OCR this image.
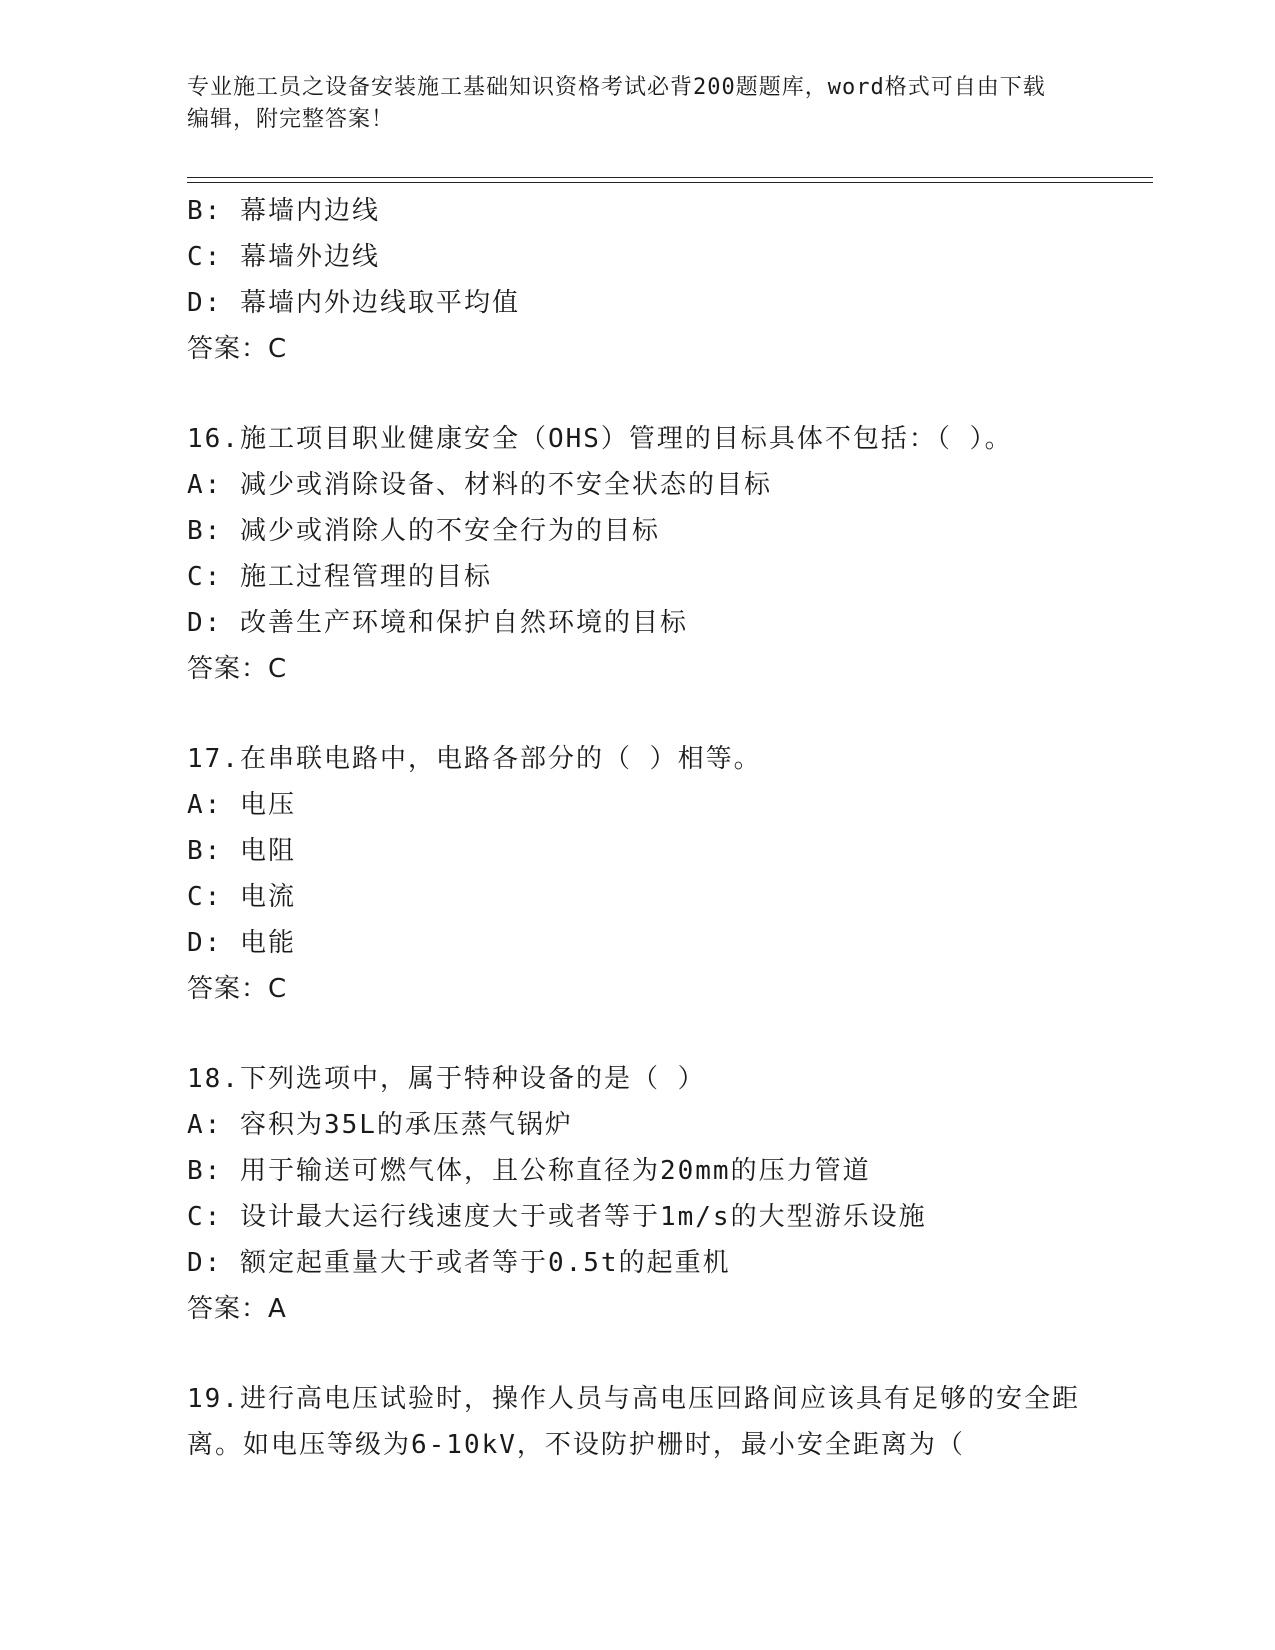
专业施工员之设备安装施工基础知识资格考试必背200题题库，word格式可自由下载编辑，附完整答案！
B: 幕墙内边线
C: 幕墙外边线
D: 幕墙内外边线取平均值
答案：C
16.施工项目职业健康安全（OHS）管理的目标具体不包括：（ ）。
A: 减少或消除设备、材料的不安全状态的目标
B: 减少或消除人的不安全行为的目标
C: 施工过程管理的目标
D: 改善生产环境和保护自然环境的目标
答案：C
17.在串联电路中，电路各部分的（ ）相等。
A: 电压
B: 电阻
C: 电流
D: 电能
答案：C
18.下列选项中，属于特种设备的是（ ）
A: 容积为35L的承压蒸气锅炉
B: 用于输送可燃气体，且公称直径为20mm的压力管道
C: 设计最大运行线速度大于或者等于1m/s的大型游乐设施
D: 额定起重量大于或者等于0.5t的起重机
答案：A
19.进行高电压试验时，操作人员与高电压回路间应该具有足够的安全距离。如电压等级为6-10kV，不设防护栅时，最小安全距离为（
